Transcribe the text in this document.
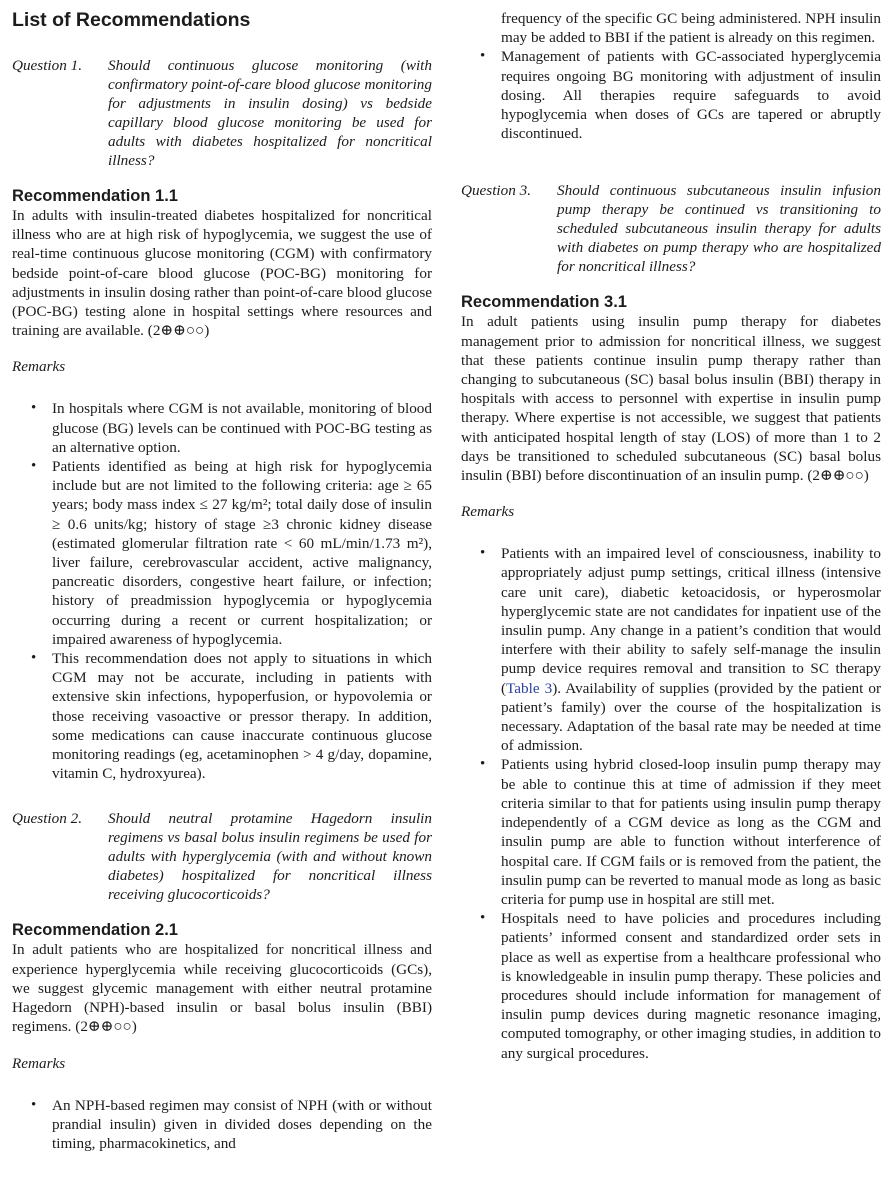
List of Recommendations
Question 1.	Should continuous glucose monitoring (with confirmatory point-of-care blood glucose monitoring for adjustments in insulin dosing) vs bedside capillary blood glucose monitoring be used for adults with diabetes hospitalized for noncritical illness?
Recommendation 1.1

In adults with insulin-treated diabetes hospitalized for noncritical illness who are at high risk of hypoglycemia, we suggest the use of real-time continuous glucose monitoring (CGM) with confirmatory bedside point-of-care blood glucose (POC-BG) monitoring for adjustments in insulin dosing rather than point-of-care blood glucose (POC-BG) testing alone in hospital settings where resources and training are available. (2⊕⊕○○)

Remarks

• In hospitals where CGM is not available, monitoring of blood glucose (BG) levels can be continued with POC-BG testing as an alternative option.
• Patients identified as being at high risk for hypoglycemia include but are not limited to the following criteria: age ≥ 65 years; body mass index ≤ 27 kg/m²; total daily dose of insulin ≥ 0.6 units/kg; history of stage ≥3 chronic kidney disease (estimated glomerular filtration rate < 60 mL/min/1.73 m²), liver failure, cerebrovascular accident, active malignancy, pancreatic disorders, congestive heart failure, or infection; history of preadmission hypoglycemia or hypoglycemia occurring during a recent or current hospitalization; or impaired awareness of hypoglycemia.
• This recommendation does not apply to situations in which CGM may not be accurate, including in patients with extensive skin infections, hypoperfusion, or hypovolemia or those receiving vasoactive or pressor therapy. In addition, some medications can cause inaccurate continuous glucose monitoring readings (eg, acetaminophen > 4 g/day, dopamine, vitamin C, hydroxyurea).
Question 2.	Should neutral protamine Hagedorn insulin regimens vs basal bolus insulin regimens be used for adults with hyperglycemia (with and without known diabetes) hospitalized for noncritical illness receiving glucocorticoids?
Recommendation 2.1

In adult patients who are hospitalized for noncritical illness and experience hyperglycemia while receiving glucocorticoids (GCs), we suggest glycemic management with either neutral protamine Hagedorn (NPH)-based insulin or basal bolus insulin (BBI) regimens. (2⊕⊕○○)

Remarks

• An NPH-based regimen may consist of NPH (with or without prandial insulin) given in divided doses depending on the timing, pharmacokinetics, and

frequency of the specific GC being administered. NPH insulin may be added to BBI if the patient is already on this regimen.

• Management of patients with GC-associated hyperglycemia requires ongoing BG monitoring with adjustment of insulin dosing. All therapies require safeguards to avoid hypoglycemia when doses of GCs are tapered or abruptly discontinued.
Question 3.	Should continuous subcutaneous insulin infusion pump therapy be continued vs transitioning to scheduled subcutaneous insulin therapy for adults with diabetes on pump therapy who are hospitalized for noncritical illness?
Recommendation 3.1

In adult patients using insulin pump therapy for diabetes management prior to admission for noncritical illness, we suggest that these patients continue insulin pump therapy rather than changing to subcutaneous (SC) basal bolus insulin (BBI) therapy in hospitals with access to personnel with expertise in insulin pump therapy. Where expertise is not accessible, we suggest that patients with anticipated hospital length of stay (LOS) of more than 1 to 2 days be transitioned to scheduled subcutaneous (SC) basal bolus insulin (BBI) before discontinuation of an insulin pump. (2⊕⊕○○)

Remarks

• Patients with an impaired level of consciousness, inability to appropriately adjust pump settings, critical illness (intensive care unit care), diabetic ketoacidosis, or hyperosmolar hyperglycemic state are not candidates for inpatient use of the insulin pump. Any change in a patient’s condition that would interfere with their ability to safely self-manage the insulin pump device requires removal and transition to SC therapy (Table 3). Availability of supplies (provided by the patient or patient’s family) over the course of the hospitalization is necessary. Adaptation of the basal rate may be needed at time of admission.
• Patients using hybrid closed-loop insulin pump therapy may be able to continue this at time of admission if they meet criteria similar to that for patients using insulin pump therapy independently of a CGM device as long as the CGM and insulin pump are able to function without interference of hospital care. If CGM fails or is removed from the patient, the insulin pump can be reverted to manual mode as long as basic criteria for pump use in hospital are still met.
• Hospitals need to have policies and procedures including patients’ informed consent and standardized order sets in place as well as expertise from a healthcare professional who is knowledgeable in insulin pump therapy. These policies and procedures should include information for management of insulin pump devices during magnetic resonance imaging, computed tomography, or other imaging studies, in addition to any surgical procedures.
